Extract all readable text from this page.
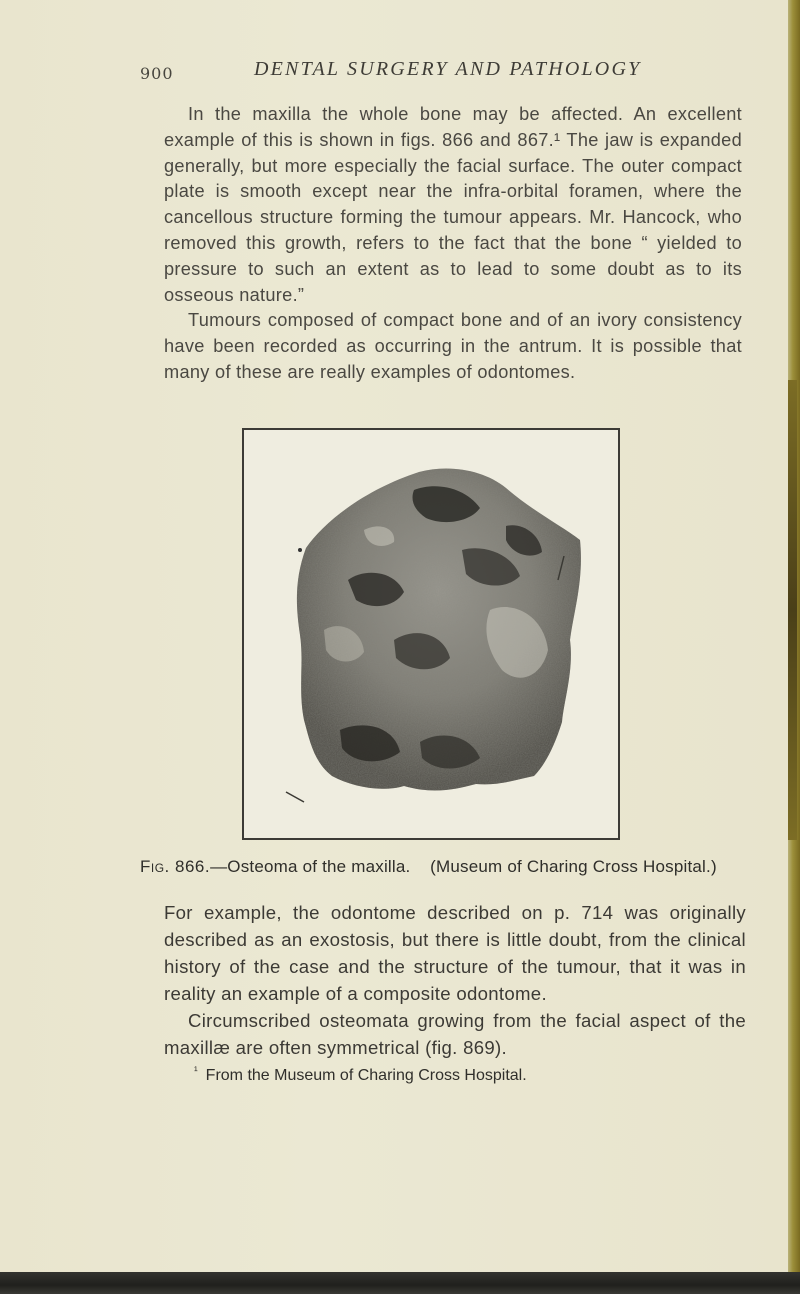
900	DENTAL SURGERY AND PATHOLOGY

In the maxilla the whole bone may be affected. An excellent example of this is shown in figs. 866 and 867.¹ The jaw is expanded generally, but more especially the facial surface. The outer compact plate is smooth except near the infra-orbital foramen, where the cancellous structure forming the tumour appears. Mr. Hancock, who removed this growth, refers to the fact that the bone “ yielded to pressure to such an extent as to lead to some doubt as to its osseous nature.”

Tumours composed of compact bone and of an ivory consistency have been recorded as occurring in the antrum. It is possible that many of these are really examples of odontomes.

Fig. 866.—Osteoma of the maxilla. (Museum of Charing Cross Hospital.)

For example, the odontome described on p. 714 was originally described as an exostosis, but there is little doubt, from the clinical history of the case and the structure of the tumour, that it was in reality an example of a composite odontome.

Circumscribed osteomata growing from the facial aspect of the maxillæ are often symmetrical (fig. 869).

$^{^1}$ From the Museum of Charing Cross Hospital.
